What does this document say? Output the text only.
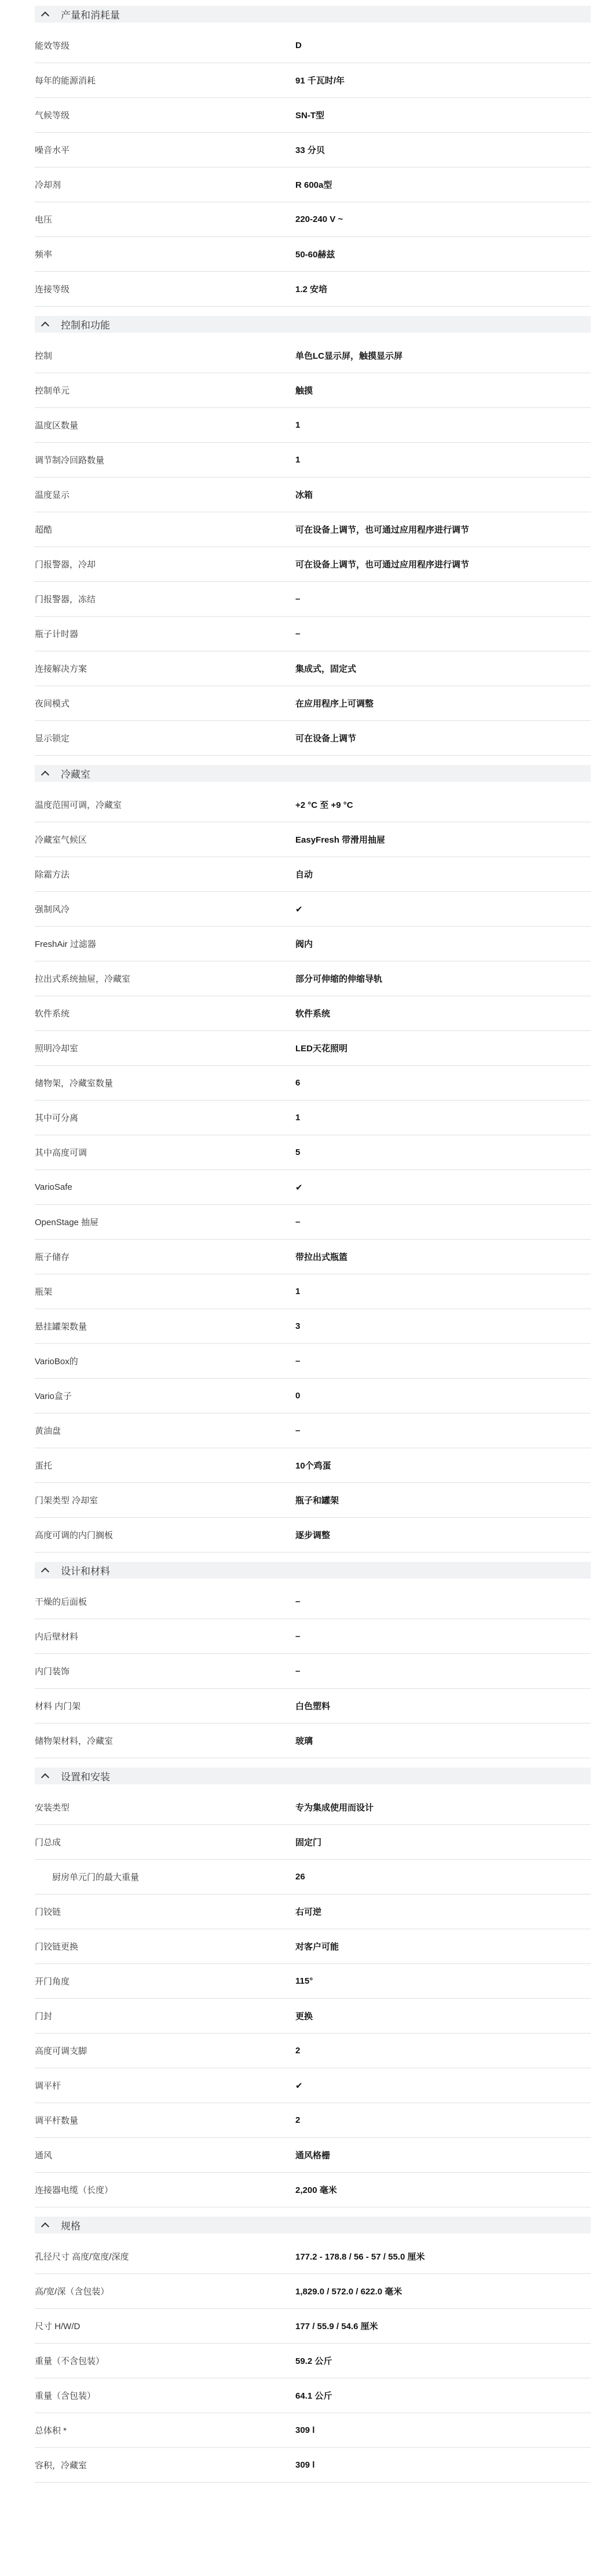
产量和消耗量
能效等级	D
每年的能源消耗	91 千瓦时/年
气候等级	SN-T型
噪音水平	33 分贝
冷却剂	R 600a型
电压	220-240 V ~
频率	50-60赫兹
连接等级	1.2 安培
控制和功能
控制	单色LC显示屏，触摸显示屏
控制单元	触摸
温度区数量	1
调节制冷回路数量	1
温度显示	冰箱
超酷	可在设备上调节，也可通过应用程序进行调节
门报警器，冷却	可在设备上调节，也可通过应用程序进行调节
门报警器，冻结	–
瓶子计时器	–
连接解决方案	集成式，固定式
夜间模式	在应用程序上可调整
显示锁定	可在设备上调节
冷藏室
温度范围可调，冷藏室	+2 °C 至 +9 °C
冷藏室气候区	EasyFresh 带滑用抽屉
除霜方法	自动
强制风冷	✔
FreshAir 过滤器	阀内
拉出式系统抽屉，冷藏室	部分可伸缩的伸缩导轨
软件系统	软件系统
照明冷却室	LED天花照明
储物架，冷藏室数量	6
其中可分离	1
其中高度可调	5
VarioSafe	✔
OpenStage 抽屉	–
瓶子储存	带拉出式瓶篮
瓶架	1
悬挂罐架数量	3
VarioBox的	–
Vario盒子	0
黄油盘	–
蛋托	10个鸡蛋
门架类型 冷却室	瓶子和罐架
高度可调的内门搁板	逐步调整
设计和材料
干燥的后面板	–
内后壁材料	–
内门装饰	–
材料 内门架	白色塑料
储物架材料，冷藏室	玻璃
设置和安装
安装类型	专为集成使用而设计
门总成	固定门
厨房单元门的最大重量	26
门铰链	右可逆
门铰链更换	对客户可能
开门角度	115°
门封	更换
高度可调支脚	2
调平杆	✔
调平杆数量	2
通风	通风格栅
连接器电缆（长度）	2,200 毫米
规格
孔径尺寸 高度/宽度/深度	177.2 - 178.8 / 56 - 57 / 55.0 厘米
高/宽/深（含包装）	1,829.0 / 572.0 / 622.0 毫米
尺寸 H/W/D	177 / 55.9 / 54.6 厘米
重量（不含包装）	59.2 公斤
重量（含包装）	64.1 公斤
总体积 *	309 l
容积，冷藏室	309 l
